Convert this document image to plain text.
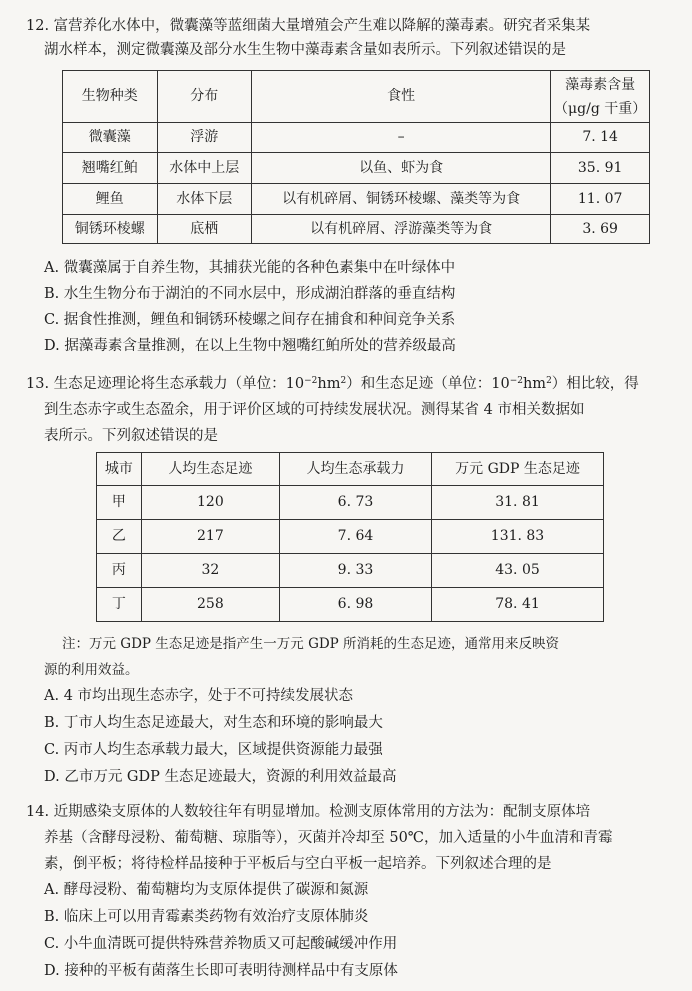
12. 富营养化水体中，微囊藻等蓝细菌大量增殖会产生难以降解的藻毒素。研究者采集某
湖水样本，测定微囊藻及部分水生生物中藻毒素含量如表所示。下列叙述错误的是
生物种类	分布	食性	藻毒素含量
（μg/g 干重）

微囊藻	浮游	–	7. 14
翘嘴红鲌	水体中上层	以鱼、虾为食	35. 91
鲤鱼	水体下层	以有机碎屑、铜锈环棱螺、藻类等为食	11. 07
铜锈环棱螺	底栖	以有机碎屑、浮游藻类等为食	3. 69
A. 微囊藻属于自养生物，其捕获光能的各种色素集中在叶绿体中
B. 水生生物分布于湖泊的不同水层中，形成湖泊群落的垂直结构
C. 据食性推测，鲤鱼和铜锈环棱螺之间存在捕食和种间竞争关系
D. 据藻毒素含量推测，在以上生物中翘嘴红鲌所处的营养级最高
13. 生态足迹理论将生态承载力（单位：$10^{-2}hm^2$）和生态足迹（单位：$10^{-2}hm^2$）相比较，得
到生态赤字或生态盈余，用于评价区域的可持续发展状况。测得某省 4 市相关数据如
表所示。下列叙述错误的是
城市	人均生态足迹	人均生态承载力	万元 GDP 生态足迹
甲	120	6. 73	31. 81
乙	217	7. 64	131. 83
丙	32	9. 33	43. 05
丁	258	6. 98	78. 41
注：万元 GDP 生态足迹是指产生一万元 GDP 所消耗的生态足迹，通常用来反映资
源的利用效益。
A. 4 市均出现生态赤字，处于不可持续发展状态
B. 丁市人均生态足迹最大，对生态和环境的影响最大
C. 丙市人均生态承载力最大，区域提供资源能力最强
D. 乙市万元 GDP 生态足迹最大，资源的利用效益最高
14. 近期感染支原体的人数较往年有明显增加。检测支原体常用的方法为：配制支原体培
养基（含酵母浸粉、葡萄糖、琼脂等），灭菌并冷却至 50℃，加入适量的小牛血清和青霉
素，倒平板；将待检样品接种于平板后与空白平板一起培养。下列叙述合理的是
A. 酵母浸粉、葡萄糖均为支原体提供了碳源和氮源
B. 临床上可以用青霉素类药物有效治疗支原体肺炎
C. 小牛血清既可提供特殊营养物质又可起酸碱缓冲作用
D. 接种的平板有菌落生长即可表明待测样品中有支原体
